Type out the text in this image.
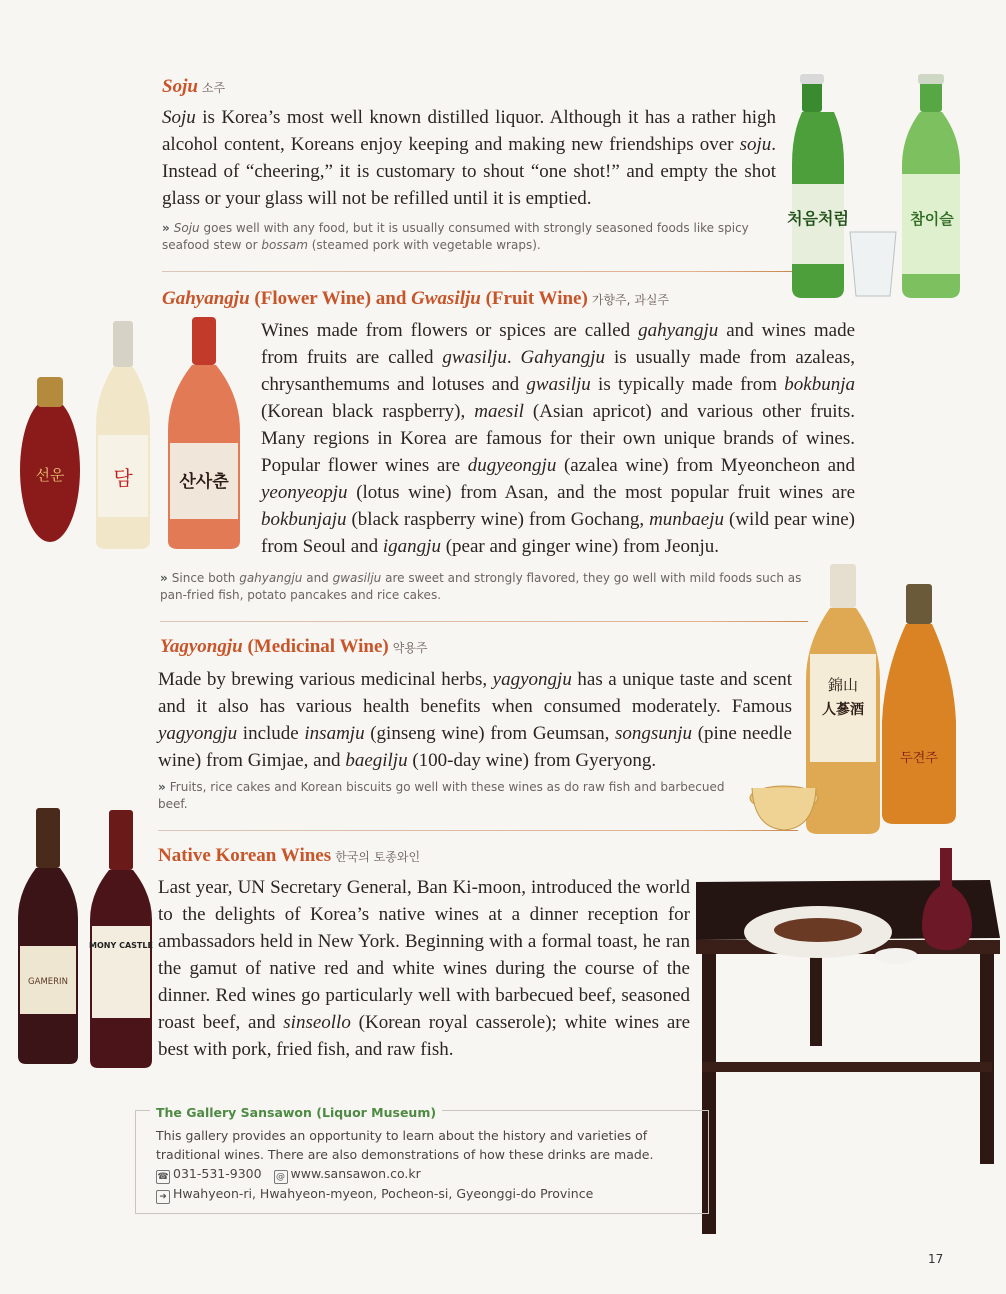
Soju 소주
Soju is Korea’s most well known distilled liquor. Although it has a rather high alcohol content, Koreans enjoy keeping and making new friendships over soju. Instead of “cheering,” it is customary to shout “one shot!” and empty the shot glass or your glass will not be refilled until it is emptied.
» Soju goes well with any food, but it is usually consumed with strongly seasoned foods like spicy seafood stew or bossam (steamed pork with vegetable wraps).
처음처럼	참이슬
Gahyangju (Flower Wine) and Gwasilju (Fruit Wine) 가향주, 과실주
Wines made from flowers or spices are called gahyangju and wines made from fruits are called gwasilju. Gahyangju is usually made from azaleas, chrysanthemums and lotuses and gwasilju is typically made from bokbunja (Korean black raspberry), maesil (Asian apricot) and various other fruits. Many regions in Korea are famous for their own unique brands of wines. Popular flower wines are dugyeongju (azalea wine) from Myeoncheon and yeonyeopju (lotus wine) from Asan, and the most popular fruit wines are bokbunjaju (black raspberry wine) from Gochang, munbaeju (wild pear wine) from Seoul and igangju (pear and ginger wine) from Jeonju.
» Since both gahyangju and gwasilju are sweet and strongly flavored, they go well with mild foods such as pan-fried fish, potato pancakes and rice cakes.
선운 담	산사춘
Yagyongju (Medicinal Wine) 약용주
Made by brewing various medicinal herbs, yagyongju has a unique taste and scent and it also has various health benefits when consumed moderately. Famous yagyongju include insamju (ginseng wine) from Geumsan, songsunju (pine needle wine) from Gimjae, and baegilju (100-day wine) from Gyeryong.
» Fruits, rice cakes and Korean biscuits go well with these wines as do raw fish and barbecued beef.
錦山
人蔘酒
두견주
Native Korean Wines 한국의 토종와인
Last year, UN Secretary General, Ban Ki-moon, introduced the world to the delights of Korea’s native wines at a dinner reception for ambassadors held in New York. Beginning with a formal toast, he ran the gamut of native red and white wines during the course of the dinner. Red wines go particularly well with barbecued beef, seasoned roast beef, and sinseollo (Korean royal casserole); white wines are best with pork, fried fish, and raw fish.
GAMERIN
MONY CASTLE
The Gallery Sansawon (Liquor Museum)
This gallery provides an opportunity to learn about the history and varieties of traditional wines. There are also demonstrations of how these drinks are made.
☎ 031-531-9300 @ www.sansawon.co.kr
➜ Hwahyeon-ri, Hwahyeon-myeon, Pocheon-si, Gyeonggi-do Province
17
